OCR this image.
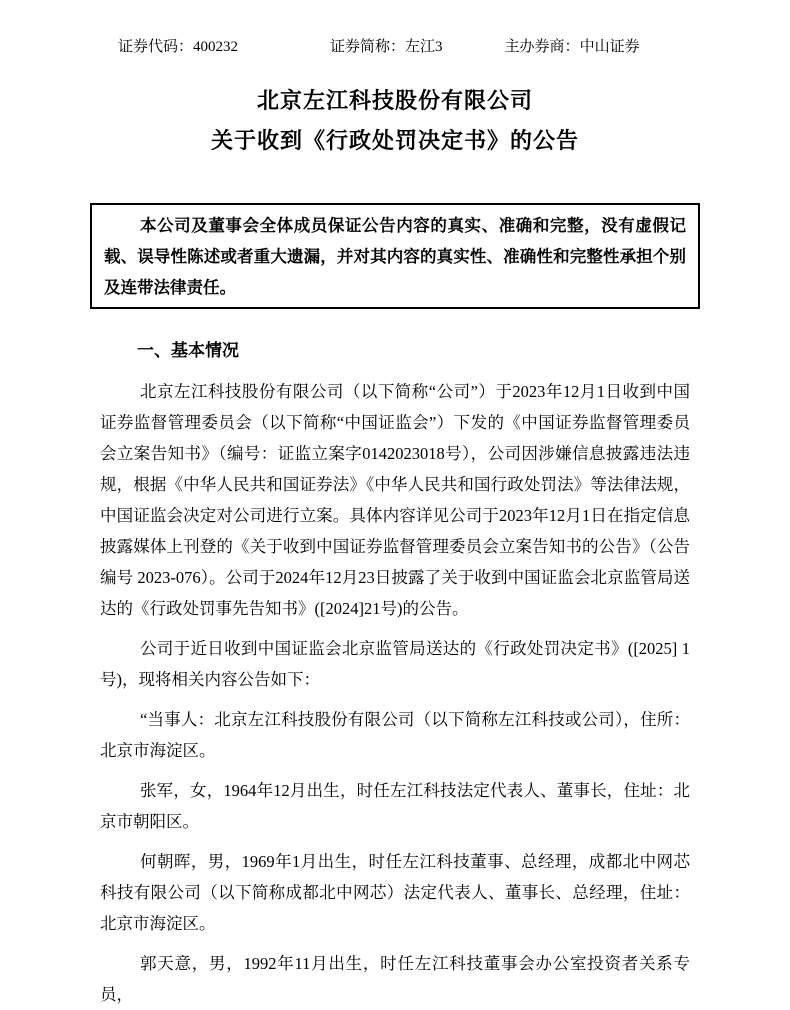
证券代码：400232	证券简称：左江3	主办券商：中山证券
北京左江科技股份有限公司
关于收到《行政处罚决定书》的公告

本公司及董事会全体成员保证公告内容的真实、准确和完整，没有虚假记载、误导性陈述或者重大遗漏，并对其内容的真实性、准确性和完整性承担个别及连带法律责任。

一、基本情况

北京左江科技股份有限公司（以下简称“公司”）于2023年12月1日收到中国证券监督管理委员会（以下简称“中国证监会”）下发的《中国证券监督管理委员会立案告知书》（编号：证监立案字0142023018号），公司因涉嫌信息披露违法违规，根据《中华人民共和国证券法》《中华人民共和国行政处罚法》等法律法规，中国证监会决定对公司进行立案。具体内容详见公司于2023年12月1日在指定信息披露媒体上刊登的《关于收到中国证券监督管理委员会立案告知书的公告》（公告编号 2023-076）。公司于2024年12月23日披露了关于收到中国证监会北京监管局送达的《行政处罚事先告知书》([2024]21号)的公告。

公司于近日收到中国证监会北京监管局送达的《行政处罚决定书》([2025] 1号)，现将相关内容公告如下：

“当事人：北京左江科技股份有限公司（以下简称左江科技或公司），住所：北京市海淀区。

张军，女，1964年12月出生，时任左江科技法定代表人、董事长，住址：北京市朝阳区。

何朝晖，男，1969年1月出生，时任左江科技董事、总经理，成都北中网芯科技有限公司（以下简称成都北中网芯）法定代表人、董事长、总经理，住址：北京市海淀区。

郭天意，男，1992年11月出生，时任左江科技董事会办公室投资者关系专员，
